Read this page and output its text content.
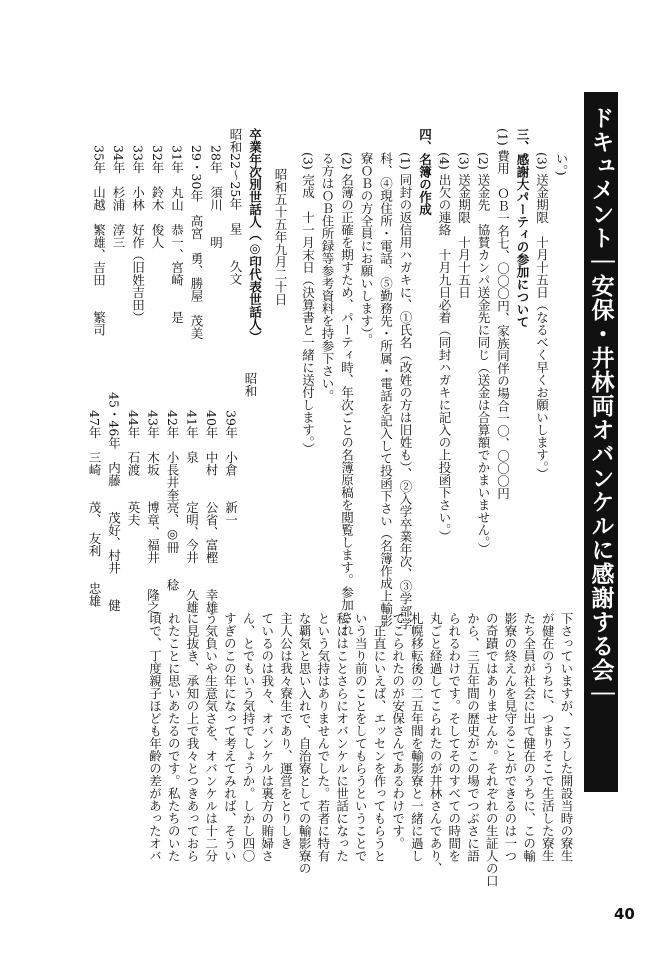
ドキュメント｜安保・井林両オバンケルに感謝する会｜
い。)
(3) 送金期限　十月十五日（なるべく早くお願いします。）
三、感謝大パーティの参加について
(1) 費用　ＯＢ一名七、〇〇〇円、家族同伴の場合一〇、〇〇〇円
(2) 送金先　協賛カンパ送金先に同じ（送金は合算額でかまいません。）
(3) 送金期限　十月十五日
(4) 出欠の連絡　十月九日必着（同封ハガキに記入の上投函下さい。）
四、名簿の作成
(1) 同封の返信用ハガキに、①氏名（改姓の方は旧姓も）、②入学卒業年次、③学部学
科、④現住所・電話、⑤勤務先・所属・電話を記入して投函下さい（名簿作成上輸影
寮ＯＢの方全員にお願いします）。
(2) 名簿の正確を期すため、パーティ時、年次ごとの名簿原稿を閲覧します。参加され
る方はＯＢ住所録等参考資料を持参下さい。
(3) 完成　十一月末日（決算書と一緒に送付します。）
昭和五十五年九月二十日
卒業年次別世話人（◎印代表世話人）
昭和22～25年　星　　久文
28年　須川　　明
29・30年　高宮　勇、勝屋　茂美
31年　丸山　恭一、宮崎　　是
32年　鈴木　俊人
33年　小林　好作（旧姓吉田）
34年　杉浦　淳三
35年　山越　繁雄、吉田　　繁司
昭和
39年　小倉　　新一
40年　中村　　公省、富樫　　幸雄
41年　泉　　　定明、今井　　久雄
42年　小長井奎亮、◎冊　　稔
43年　木坂　　博章、福井　　隆之
44年　石渡　　英夫
45・46年　内藤　　茂好、村井　　健
47年　三崎　　茂、　友利　　忠雄

下さっていますが、こうした開設当時の寮生

が健在のうちに、つまりそこで生活した寮生

たち全員が社会に出て健在のうちに、この輸

影寮の終えんを見守ることができるのは一つ

の奇蹟ではありませんか。それぞれの生証人の口

から、三五年間の歴史がこの場でつぶさに語

られるわけです。そしてそのすべての時間を

丸ごと経過してこられたのが井林さんであり、

札幌移転後の二五年間を輸影寮と一緒に過し

てこられたのが安保さんであるわけです。

　正直にいえば、エッセンを作ってもらうと

いう当り前のことをしてもらうということで

私にはことさらにオバンケルに世話になった

という気持はありませんでした。若者に特有

な覇気と思い入れで、自治寮としての輸影寮の

主人公は我々寮生であり、運営をとりしき

ているのは我々、オバンケルは裏方の賄婦さ

ん、とでもいう気持でしょうか。しかし四〇

すぎのこの年になって考えてみれば、そうい

う気負いや生意気さを、オバンケルは十二分

に見抜き、承知の上で我々とつきあっておら

れたことに思いあたるのです。私たちのいた

頃で、丁度親子ほども年齢の差があったオバ

40
